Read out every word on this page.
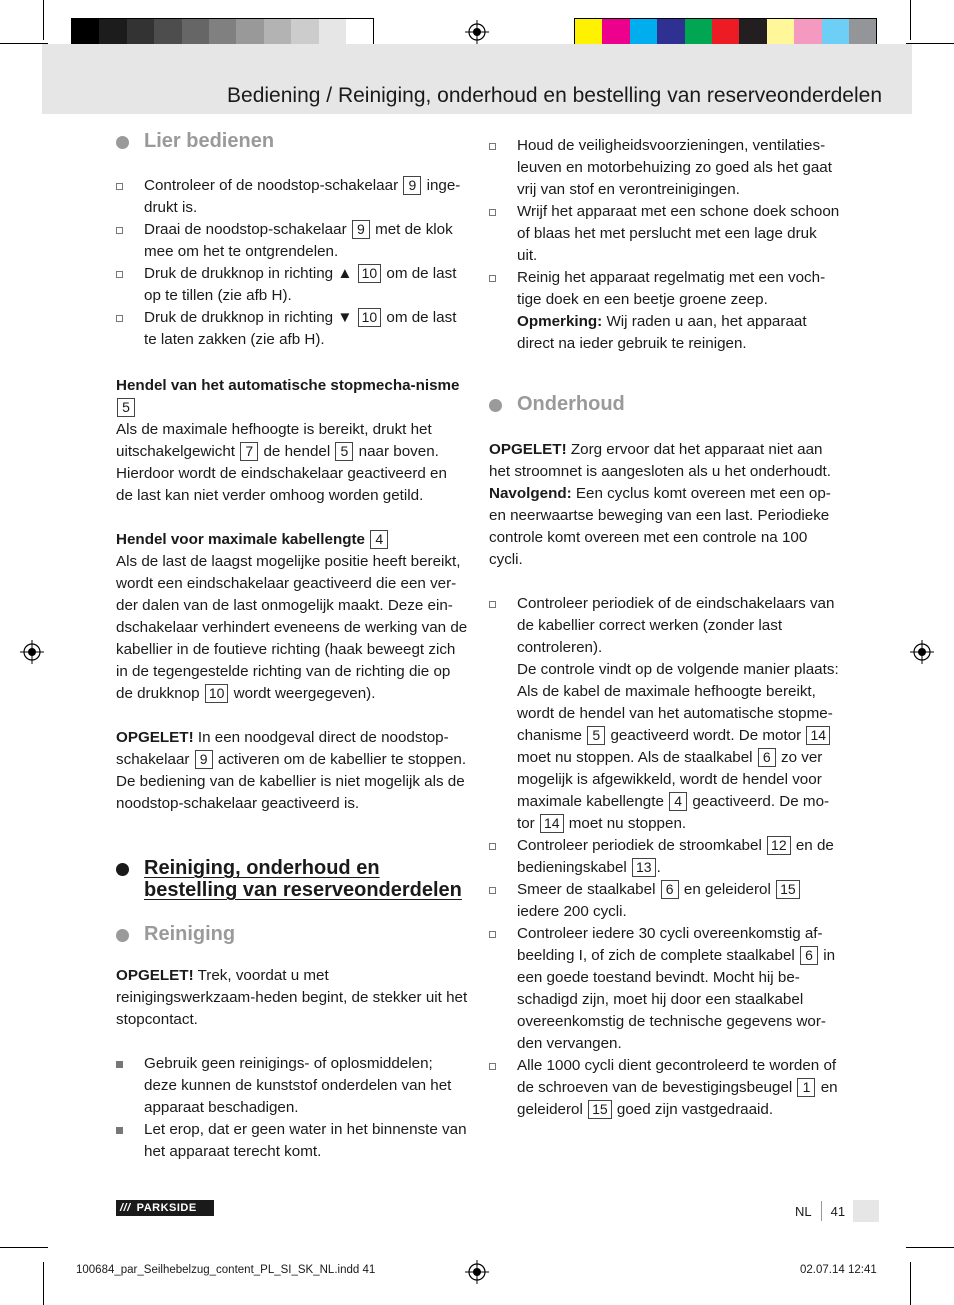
Bediening / Reiniging, onderhoud en bestelling van reserveonderdelen
Lier bedienen
Controleer of de noodstop-schakelaar 9 inge-drukt is.
Draai de noodstop-schakelaar 9 met de klok mee om het te ontgrendelen.
Druk de drukknop in richting ▲ 10 om de last op te tillen (zie afb H).
Druk de drukknop in richting ▼ 10 om de last te laten zakken (zie afb H).

Hendel van het automatische stopmecha-nisme 5
Als de maximale hefhoogte is bereikt, drukt het uitschakelgewicht 7 de hendel 5 naar boven. Hierdoor wordt de eindschakelaar geactiveerd en de last kan niet verder omhoog worden getild.

Hendel voor maximale kabellengte 4
Als de last de laagst mogelijke positie heeft bereikt, wordt een eindschakelaar geactiveerd die een ver-der dalen van de last onmogelijk maakt. Deze ein-dschakelaar verhindert eveneens de werking van de kabellier in de foutieve richting (haak beweegt zich in de tegengestelde richting van de richting die op de drukknop 10 wordt weergegeven).

OPGELET! In een noodgeval direct de noodstop-schakelaar 9 activeren om de kabellier te stoppen. De bediening van de kabellier is niet mogelijk als de noodstop-schakelaar geactiveerd is.

Reiniging, onderhoud en
bestelling van reserveonderdelen
Reiniging

OPGELET! Trek, voordat u met reinigingswerkzaam-heden begint, de stekker uit het stopcontact.

Gebruik geen reinigings- of oplosmiddelen; deze kunnen de kunststof onderdelen van het apparaat beschadigen.
Let erop, dat er geen water in het binnenste van het apparaat terecht komt.
Houd de veiligheidsvoorzieningen, ventilaties-leuven en motorbehuizing zo goed als het gaat vrij van stof en verontreinigingen.
Wrijf het apparaat met een schone doek schoon of blaas het met perslucht met een lage druk uit.
Reinig het apparaat regelmatig met een voch-tige doek en een beetje groene zeep.
Opmerking: Wij raden u aan, het apparaat direct na ieder gebruik te reinigen.
Onderhoud

OPGELET! Zorg ervoor dat het apparaat niet aan het stroomnet is aangesloten als u het onderhoudt.
Navolgend: Een cyclus komt overeen met een op- en neerwaartse beweging van een last. Periodieke controle komt overeen met een controle na 100 cycli.

Controleer periodiek of de eindschakelaars van de kabellier correct werken (zonder last controleren).
De controle vindt op de volgende manier plaats: Als de kabel de maximale hefhoogte bereikt, wordt de hendel van het automatische stopme-chanisme 5 geactiveerd wordt. De motor 14 moet nu stoppen. Als de staalkabel 6 zo ver mogelijk is afgewikkeld, wordt de hendel voor maximale kabellengte 4 geactiveerd. De mo-tor 14 moet nu stoppen.
Controleer periodiek de stroomkabel 12 en de bedieningskabel 13 .
Smeer de staalkabel 6 en geleiderol 15 iedere 200 cycli.
Controleer iedere 30 cycli overeenkomstig af-beelding I, of zich de complete staalkabel 6 in een goede toestand bevindt. Mocht hij be-schadigd zijn, moet hij door een staalkabel overeenkomstig de technische gegevens wor-den vervangen.
Alle 1000 cycli dient gecontroleerd te worden of de schroeven van de bevestigingsbeugel 1 en geleiderol 15 goed zijn vastgedraaid.
/// PARKSIDE	NL 41
100684_par_Seilhebelzug_content_PL_SI_SK_NL.indd 41	02.07.14 12:41
